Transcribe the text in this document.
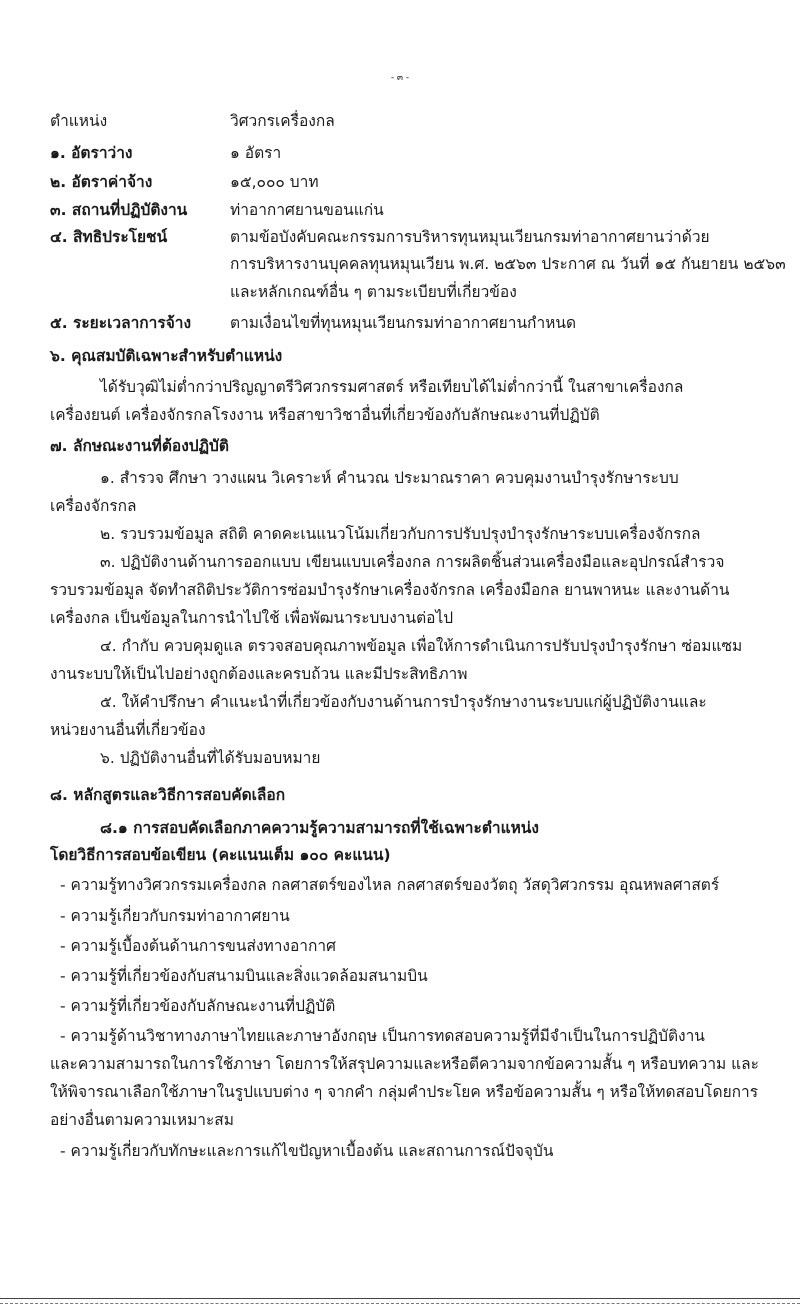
- ๓ -
ตำแหน่ง	วิศวกรเครื่องกล
๑. อัตราว่าง	๑ อัตรา
๒. อัตราค่าจ้าง	๑๕,๐๐๐ บาท
๓. สถานที่ปฏิบัติงาน	ท่าอากาศยานขอนแก่น
๔. สิทธิประโยชน์	ตามข้อบังคับคณะกรรมการบริหารทุนหมุนเวียนกรมท่าอากาศยานว่าด้วย
การบริหารงานบุคคลทุนหมุนเวียน พ.ศ. ๒๕๖๓ ประกาศ ณ วันที่ ๑๕ กันยายน ๒๕๖๓
และหลักเกณฑ์อื่น ๆ ตามระเบียบที่เกี่ยวข้อง
๕. ระยะเวลาการจ้าง	ตามเงื่อนไขที่ทุนหมุนเวียนกรมท่าอากาศยานกำหนด
๖. คุณสมบัติเฉพาะสำหรับตำแหน่ง
ได้รับวุฒิไม่ต่ำกว่าปริญญาตรีวิศวกรรมศาสตร์ หรือเทียบได้ไม่ต่ำกว่านี้ ในสาขาเครื่องกล
เครื่องยนต์ เครื่องจักรกลโรงงาน หรือสาขาวิชาอื่นที่เกี่ยวข้องกับลักษณะงานที่ปฏิบัติ
๗. ลักษณะงานที่ต้องปฏิบัติ
๑. สำรวจ ศึกษา วางแผน วิเคราะห์ คำนวณ ประมาณราคา ควบคุมงานบำรุงรักษาระบบ
เครื่องจักรกล
๒. รวบรวมข้อมูล สถิติ คาดคะเนแนวโน้มเกี่ยวกับการปรับปรุงบำรุงรักษาระบบเครื่องจักรกล
๓. ปฏิบัติงานด้านการออกแบบ เขียนแบบเครื่องกล การผลิตชิ้นส่วนเครื่องมือและอุปกรณ์สำรวจ
รวบรวมข้อมูล จัดทำสถิติประวัติการซ่อมบำรุงรักษาเครื่องจักรกล เครื่องมือกล ยานพาหนะ และงานด้าน
เครื่องกล เป็นข้อมูลในการนำไปใช้ เพื่อพัฒนาระบบงานต่อไป
๔. กำกับ ควบคุมดูแล ตรวจสอบคุณภาพข้อมูล เพื่อให้การดำเนินการปรับปรุงบำรุงรักษา ซ่อมแซม
งานระบบให้เป็นไปอย่างถูกต้องและครบถ้วน และมีประสิทธิภาพ
๕. ให้คำปรึกษา คำแนะนำที่เกี่ยวข้องกับงานด้านการบำรุงรักษางานระบบแก่ผู้ปฏิบัติงานและ
หน่วยงานอื่นที่เกี่ยวข้อง
๖. ปฏิบัติงานอื่นที่ได้รับมอบหมาย
๘. หลักสูตรและวิธีการสอบคัดเลือก
๘.๑ การสอบคัดเลือกภาคความรู้ความสามารถที่ใช้เฉพาะตำแหน่ง
โดยวิธีการสอบข้อเขียน (คะแนนเต็ม ๑๐๐ คะแนน)
- ความรู้ทางวิศวกรรมเครื่องกล กลศาสตร์ของไหล กลศาสตร์ของวัตถุ วัสดุวิศวกรรม อุณหพลศาสตร์
- ความรู้เกี่ยวกับกรมท่าอากาศยาน
- ความรู้เบื้องต้นด้านการขนส่งทางอากาศ
- ความรู้ที่เกี่ยวข้องกับสนามบินและสิ่งแวดล้อมสนามบิน
- ความรู้ที่เกี่ยวข้องกับลักษณะงานที่ปฏิบัติ
- ความรู้ด้านวิชาทางภาษาไทยและภาษาอังกฤษ เป็นการทดสอบความรู้ที่มีจำเป็นในการปฏิบัติงาน
และความสามารถในการใช้ภาษา โดยการให้สรุปความและหรือตีความจากข้อความสั้น ๆ หรือบทความ และ
ให้พิจารณาเลือกใช้ภาษาในรูปแบบต่าง ๆ จากคำ กลุ่มคำประโยค หรือข้อความสั้น ๆ หรือให้ทดสอบโดยการ
อย่างอื่นตามความเหมาะสม
- ความรู้เกี่ยวกับทักษะและการแก้ไขปัญหาเบื้องต้น และสถานการณ์ปัจจุบัน
